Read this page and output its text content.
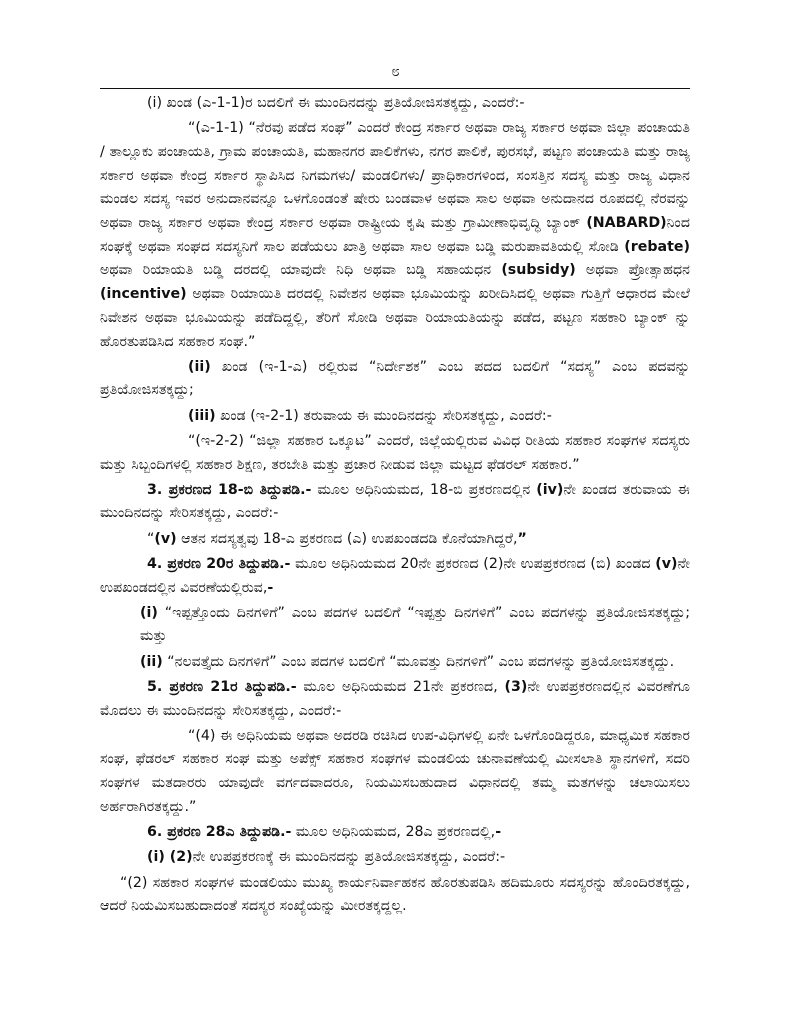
೮

(i) ಖಂಡ (ಎ-1-1)ರ ಬದಲಿಗೆ ಈ ಮುಂದಿನದನ್ನು ಪ್ರತಿಯೋಜಿಸತಕ್ಕದ್ದು, ಎಂದರೆ:-

“(ಎ-1-1) “ನೆರವು ಪಡೆದ ಸಂಘ” ಎಂದರೆ ಕೇಂದ್ರ ಸರ್ಕಾರ ಅಥವಾ ರಾಜ್ಯ ಸರ್ಕಾರ ಅಥವಾ ಜಿಲ್ಲಾ ಪಂಚಾಯತಿ / ತಾಲ್ಲೂಕು ಪಂಚಾಯತಿ, ಗ್ರಾಮ ಪಂಚಾಯತಿ, ಮಹಾನಗರ ಪಾಲಿಕೆಗಳು, ನಗರ ಪಾಲಿಕೆ, ಪುರಸಭೆ, ಪಟ್ಟಣ ಪಂಚಾಯತಿ ಮತ್ತು ರಾಜ್ಯ ಸರ್ಕಾರ ಅಥವಾ ಕೇಂದ್ರ ಸರ್ಕಾರ ಸ್ಥಾಪಿಸಿದ ನಿಗಮಗಳು/ ಮಂಡಲಿಗಳು/ ಪ್ರಾಧಿಕಾರಗಳಿಂದ, ಸಂಸತ್ತಿನ ಸದಸ್ಯ ಮತ್ತು ರಾಜ್ಯ ವಿಧಾನ ಮಂಡಲ ಸದಸ್ಯ ಇವರ ಅನುದಾನವನ್ನೂ ಒಳಗೊಂಡಂತೆ ಷೇರು ಬಂಡವಾಳ ಅಥವಾ ಸಾಲ ಅಥವಾ ಅನುದಾನದ ರೂಪದಲ್ಲಿ ನೆರವನ್ನು ಅಥವಾ ರಾಜ್ಯ ಸರ್ಕಾರ ಅಥವಾ ಕೇಂದ್ರ ಸರ್ಕಾರ ಅಥವಾ ರಾಷ್ಟ್ರೀಯ ಕೃಷಿ ಮತ್ತು ಗ್ರಾಮೀಣಾಭಿವೃದ್ಧಿ ಬ್ಯಾಂಕ್ (NABARD)ನಿಂದ ಸಂಘಕ್ಕೆ ಅಥವಾ ಸಂಘದ ಸದಸ್ಯನಿಗೆ ಸಾಲ ಪಡೆಯಲು ಖಾತ್ರಿ ಅಥವಾ ಸಾಲ ಅಥವಾ ಬಡ್ಡಿ ಮರುಪಾವತಿಯಲ್ಲಿ ಸೋಡಿ (rebate) ಅಥವಾ ರಿಯಾಯತಿ ಬಡ್ಡಿ ದರದಲ್ಲಿ ಯಾವುದೇ ನಿಧಿ ಅಥವಾ ಬಡ್ಡಿ ಸಹಾಯಧನ (subsidy) ಅಥವಾ ಪ್ರೋತ್ಸಾಹಧನ (incentive) ಅಥವಾ ರಿಯಾಯಿತಿ ದರದಲ್ಲಿ ನಿವೇಶನ ಅಥವಾ ಭೂಮಿಯನ್ನು ಖರೀದಿಸಿದಲ್ಲಿ ಅಥವಾ ಗುತ್ತಿಗೆ ಆಧಾರದ ಮೇಲೆ ನಿವೇಶನ ಅಥವಾ ಭೂಮಿಯನ್ನು ಪಡೆದಿದ್ದಲ್ಲಿ, ತೆರಿಗೆ ಸೋಡಿ ಅಥವಾ ರಿಯಾಯತಿಯನ್ನು ಪಡೆದ, ಪಟ್ಟಣ ಸಹಕಾರಿ ಬ್ಯಾಂಕ್ ನ್ನು ಹೊರತುಪಡಿಸಿದ ಸಹಕಾರ ಸಂಘ.”

(ii) ಖಂಡ (ಇ-1-ಎ) ರಲ್ಲಿರುವ “ನಿರ್ದೇಶಕ” ಎಂಬ ಪದದ ಬದಲಿಗೆ “ಸದಸ್ಯ” ಎಂಬ ಪದವನ್ನು ಪ್ರತಿಯೋಜಿಸತಕ್ಕದ್ದು;

(iii) ಖಂಡ (ಇ-2-1) ತರುವಾಯ ಈ ಮುಂದಿನದನ್ನು ಸೇರಿಸತಕ್ಕದ್ದು, ಎಂದರೆ:-

“(ಇ-2-2) “ಜಿಲ್ಲಾ ಸಹಕಾರ ಒಕ್ಕೂಟ” ಎಂದರೆ, ಜಿಲ್ಲೆಯಲ್ಲಿರುವ ವಿವಿಧ ರೀತಿಯ ಸಹಕಾರ ಸಂಘಗಳ ಸದಸ್ಯರು ಮತ್ತು ಸಿಬ್ಬಂದಿಗಳಲ್ಲಿ ಸಹಕಾರ ಶಿಕ್ಷಣ, ತರಬೇತಿ ಮತ್ತು ಪ್ರಚಾರ ನೀಡುವ ಜಿಲ್ಲಾ ಮಟ್ಟದ ಫೆಡರಲ್ ಸಹಕಾರ.”

3. ಪ್ರಕರಣದ 18-ಬಿ ತಿದ್ದುಪಡಿ.- ಮೂಲ ಅಧಿನಿಯಮದ, 18-ಬಿ ಪ್ರಕರಣದಲ್ಲಿನ (iv)ನೇ ಖಂಡದ ತರುವಾಯ ಈ ಮುಂದಿನದನ್ನು ಸೇರಿಸತಕ್ಕದ್ದು, ಎಂದರೆ:-

“(v) ಆತನ ಸದಸ್ಯತ್ವವು 18-ಎ ಪ್ರಕರಣದ (ಎ) ಉಪಖಂಡದಡಿ ಕೊನೆಯಾಗಿದ್ದರೆ,”

4. ಪ್ರಕರಣ 20ರ ತಿದ್ದುಪಡಿ.- ಮೂಲ ಅಧಿನಿಯಮದ 20ನೇ ಪ್ರಕರಣದ (2)ನೇ ಉಪಪ್ರಕರಣದ (ಬಿ) ಖಂಡದ (v)ನೇ ಉಪಖಂಡದಲ್ಲಿನ ವಿವರಣೆಯಲ್ಲಿರುವ,-

(i) “ಇಪ್ಪತ್ತೊಂದು ದಿನಗಳಿಗೆ” ಎಂಬ ಪದಗಳ ಬದಲಿಗೆ “ಇಪ್ಪತ್ತು ದಿನಗಳಿಗೆ” ಎಂಬ ಪದಗಳನ್ನು ಪ್ರತಿಯೋಜಿಸತಕ್ಕದ್ದು; ಮತ್ತು

(ii) “ನಲವತ್ತೈದು ದಿನಗಳಿಗೆ” ಎಂಬ ಪದಗಳ ಬದಲಿಗೆ “ಮೂವತ್ತು ದಿನಗಳಿಗೆ” ಎಂಬ ಪದಗಳನ್ನು ಪ್ರತಿಯೋಜಿಸತಕ್ಕದ್ದು.

5. ಪ್ರಕರಣ 21ರ ತಿದ್ದುಪಡಿ.- ಮೂಲ ಅಧಿನಿಯಮದ 21ನೇ ಪ್ರಕರಣದ, (3)ನೇ ಉಪಪ್ರಕರಣದಲ್ಲಿನ ವಿವರಣೆಗೂ ಮೊದಲು ಈ ಮುಂದಿನದನ್ನು ಸೇರಿಸತಕ್ಕದ್ದು, ಎಂದರೆ:-

“(4) ಈ ಅಧಿನಿಯಮ ಅಥವಾ ಅದರಡಿ ರಚಿಸಿದ ಉಪ-ವಿಧಿಗಳಲ್ಲಿ ಏನೇ ಒಳಗೊಂಡಿದ್ದರೂ, ಮಾಧ್ಯಮಿಕ ಸಹಕಾರ ಸಂಘ, ಫೆಡರಲ್ ಸಹಕಾರ ಸಂಘ ಮತ್ತು ಅಪೆಕ್ಸ್ ಸಹಕಾರ ಸಂಘಗಳ ಮಂಡಲಿಯ ಚುನಾವಣೆಯಲ್ಲಿ ಮೀಸಲಾತಿ ಸ್ಥಾನಗಳಿಗೆ, ಸದರಿ ಸಂಘಗಳ ಮತದಾರರು ಯಾವುದೇ ವರ್ಗದವಾದರೂ, ನಿಯಮಿಸಬಹುದಾದ ವಿಧಾನದಲ್ಲಿ ತಮ್ಮ ಮತಗಳನ್ನು ಚಲಾಯಿಸಲು ಅರ್ಹರಾಗಿರತಕ್ಕದ್ದು.”

6. ಪ್ರಕರಣ 28ಎ ತಿದ್ದುಪಡಿ.- ಮೂಲ ಅಧಿನಿಯಮದ, 28ಎ ಪ್ರಕರಣದಲ್ಲಿ,-

(i) (2)ನೇ ಉಪಪ್ರಕರಣಕ್ಕೆ ಈ ಮುಂದಿನದನ್ನು ಪ್ರತಿಯೋಜಿಸತಕ್ಕದ್ದು, ಎಂದರೆ:-

“(2) ಸಹಕಾರ ಸಂಘಗಳ ಮಂಡಲಿಯು ಮುಖ್ಯ ಕಾರ್ಯನಿರ್ವಾಹಕನ ಹೊರತುಪಡಿಸಿ ಹದಿಮೂರು ಸದಸ್ಯರನ್ನು ಹೊಂದಿರತಕ್ಕದ್ದು, ಆದರೆ ನಿಯಮಿಸಬಹುದಾದಂತೆ ಸದಸ್ಯರ ಸಂಖ್ಯೆಯನ್ನು ಮೀರತಕ್ಕದ್ದಲ್ಲ.
